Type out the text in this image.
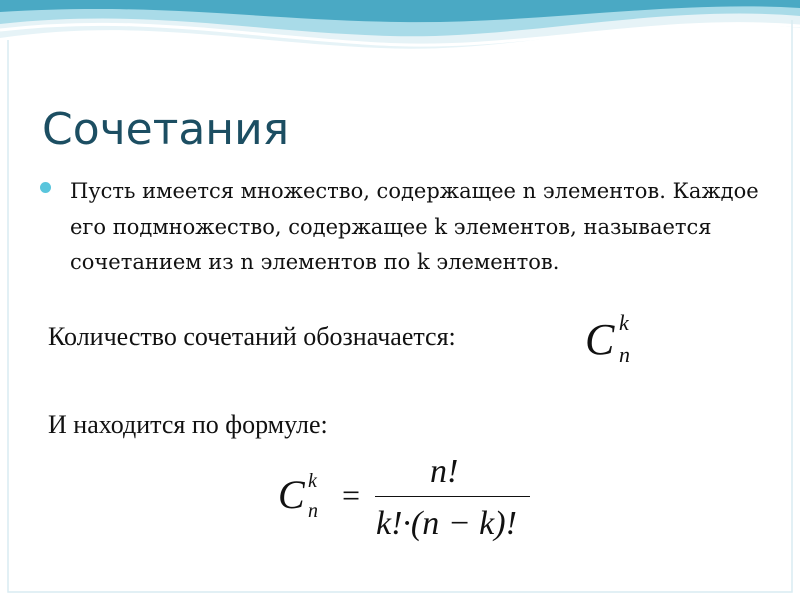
Сочетания
Пусть имеется множество, содержащее n элементов. Каждое его подмножество, содержащее k элементов, называется сочетанием из n элементов по k элементов.
Количество сочетаний обозначается:	C k
n
И находится по формуле:
C k
n =
n!
k!·(n − k)!
